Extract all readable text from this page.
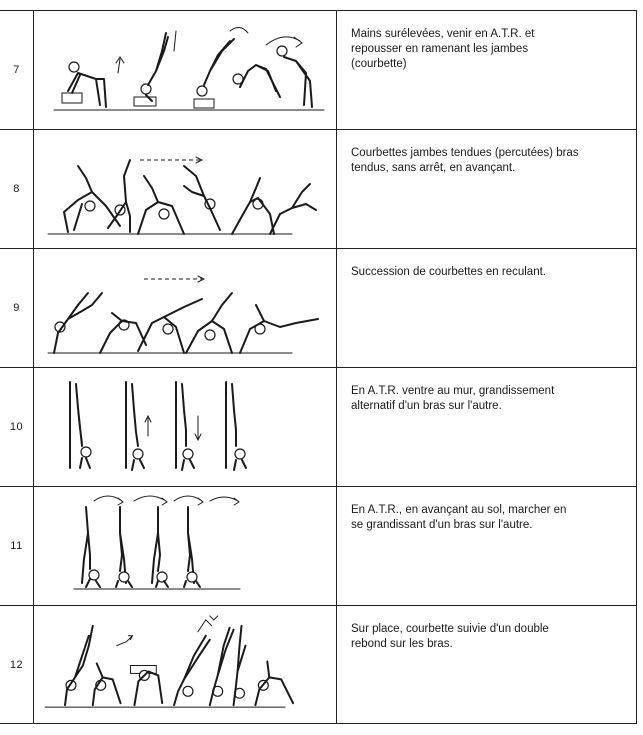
7
Mains surélevées, venir en A.T.R. et
repousser en ramenant les jambes
(courbette)
8
Courbettes jambes tendues (percutées) bras
tendus, sans arrêt, en avançant.
9
Succession de courbettes en reculant.
10
En A.T.R. ventre au mur, grandissement
alternatif d'un bras sur l'autre.
11
En A.T.R., en avançant au sol, marcher en
se grandissant d'un bras sur l'autre.
12
Sur place, courbette suivie d'un double
rebond sur les bras.
